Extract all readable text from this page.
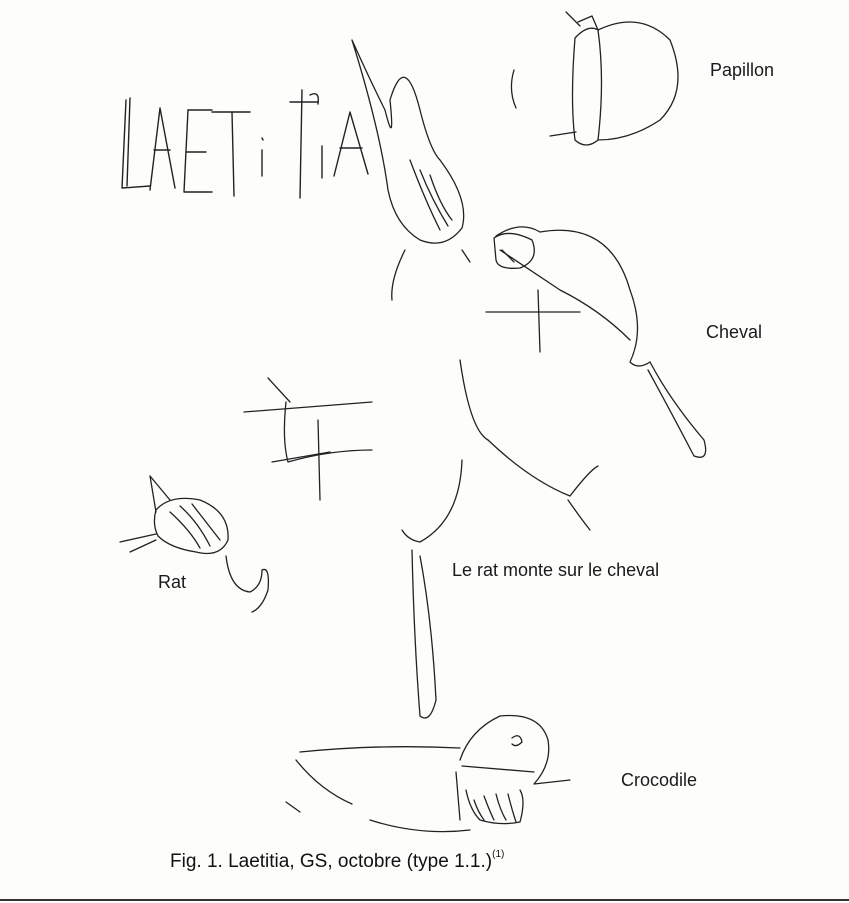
Papillon
Cheval
Rat
Le rat monte sur le cheval
Crocodile
Fig. 1. Laetitia, GS, octobre (type 1.1.)$^{(1)}$
